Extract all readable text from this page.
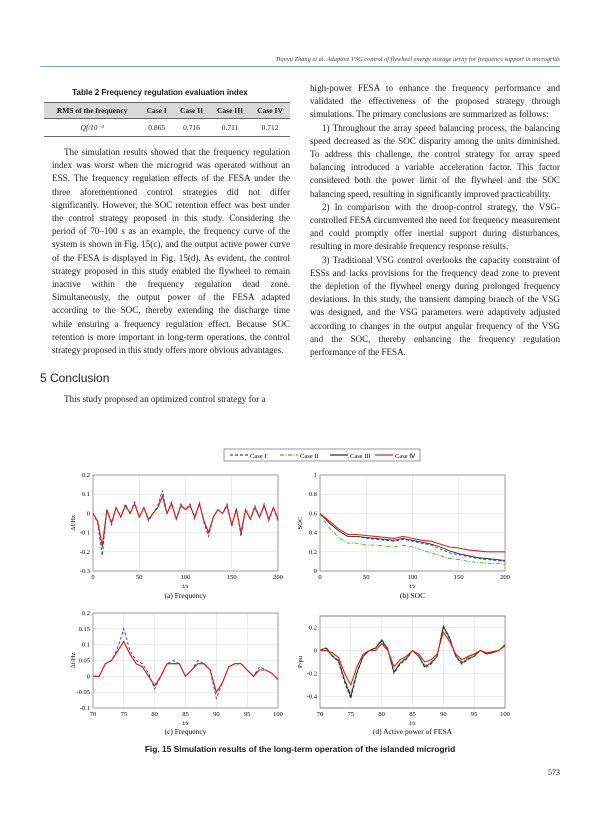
Tianyu Zhang et al. Adaptive VSG control of flywheel energy storage array for frequency support in microgrids
Table 2 Frequency regulation evaluation index
RMS of the frequency	Case I	Case II	Case III	Case IV
Qf/10⁻³	0.865	0.716	0.711	0.712

The simulation results showed that the frequency regulation index was worst when the microgrid was operated without an ESS. The frequency regulation effects of the FESA under the three aforementioned control strategies did not differ significantly. However, the SOC retention effect was best under the control strategy proposed in this study. Considering the period of 70–100 s as an example, the frequency curve of the system is shown in Fig. 15(c), and the output active power curve of the FESA is displayed in Fig. 15(d). As evident, the control strategy proposed in this study enabled the flywheel to remain inactive within the frequency regulation dead zone. Simultaneously, the output power of the FESA adapted according to the SOC, thereby extending the discharge time while ensuring a frequency regulation effect. Because SOC retention is more important in long-term operations, the control strategy proposed in this study offers more obvious advantages.

5 Conclusion

This study proposed an optimized control strategy for a

high-power FESA to enhance the frequency performance and validated the effectiveness of the proposed strategy through simulations. The primary conclusions are summarized as follows:

1) Throughout the array speed balancing process, the balancing speed decreased as the SOC disparity among the units diminished. To address this challenge, the control strategy for array speed balancing introduced a variable acceleration factor. This factor considered both the power limit of the flywheel and the SOC balancing speed, resulting in significantly improved practicability.

2) In comparison with the droop-control strategy, the VSG-controlled FESA circumvented the need for frequency measurement and could promptly offer inertial support during disturbances, resulting in more desirable frequency response results.

3) Traditional VSG control overlooks the capacity constraint of ESSs and lacks provisions for the frequency dead zone to prevent the depletion of the flywheel energy during prolonged frequency deviations. In this study, the transient damping branch of the VSG was designed, and the VSG parameters were adaptively adjusted according to changes in the output angular frequency of the VSG and the SOC, thereby enhancing the frequency regulation performance of the FESA.

Case I	Case II	Case III	Case Ⅳ
0	50	100	150	200
0.2
0.1
0
-0.1
-0.2
-0.3
t/s
Δf/Hz
(a) Frequency
0	50	100	150	200
1
0.8
0.6
0.4
0.2
0
t/s
SOC
(b) SOC
70	75	80	85	90	95	100
0.2
0.15
0.1
0.05
0
-0.05
-0.1
t/s
Δf/Hz
(c) Frequency
70	75	80	85	90	95	100
0.2
0
-0.2
-0.4
t/s
P/pu
(d) Active power of FESA
Fig. 15 Simulation results of the long-term operation of the islanded microgrid
573
